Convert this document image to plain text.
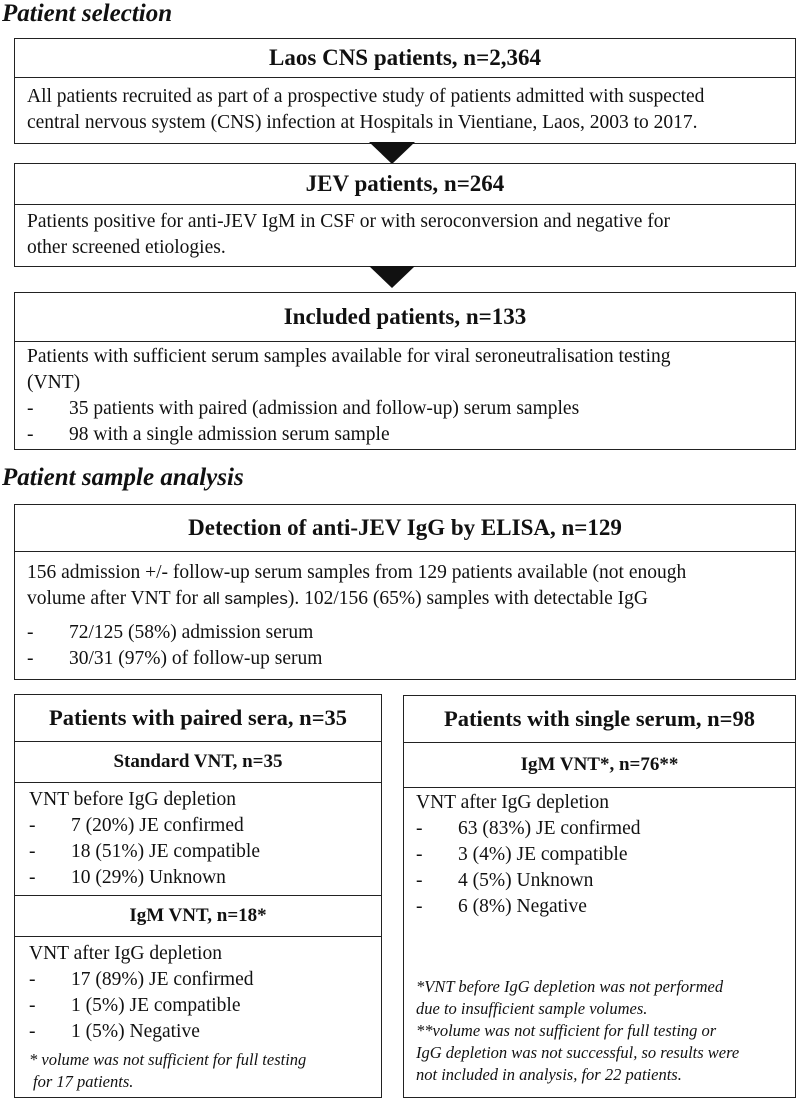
Patient selection
Laos CNS patients, n=2,364
All patients recruited as part of a prospective study of patients admitted with suspected
central nervous system (CNS) infection at Hospitals in Vientiane, Laos, 2003 to 2017.
JEV patients, n=264
Patients positive for anti-JEV IgM in CSF or with seroconversion and negative for
other screened etiologies.
Included patients, n=133
Patients with sufficient serum samples available for viral seroneutralisation testing
(VNT)
-	35 patients with paired (admission and follow-up) serum samples
-	98 with a single admission serum sample
Patient sample analysis
Detection of anti-JEV IgG by ELISA, n=129
156 admission +/- follow-up serum samples from 129 patients available (not enough
volume after VNT for all samples). 102/156 (65%) samples with detectable IgG
-	72/125 (58%) admission serum
-	30/31 (97%) of follow-up serum
Patients with paired sera, n=35
Standard VNT, n=35
VNT before IgG depletion
-	7 (20%) JE confirmed
-	18 (51%) JE compatible
-	10 (29%) Unknown
IgM VNT, n=18*
VNT after IgG depletion
-	17 (89%) JE confirmed
-	1 (5%) JE compatible
-	1 (5%) Negative
* volume was not sufficient for full testing
for 17 patients.
Patients with single serum, n=98
IgM VNT*, n=76**
VNT after IgG depletion
-	63 (83%) JE confirmed
-	3 (4%) JE compatible
-	4 (5%) Unknown
-	6 (8%) Negative
*VNT before IgG depletion was not performed
due to insufficient sample volumes.
**volume was not sufficient for full testing or
IgG depletion was not successful, so results were
not included in analysis, for 22 patients.
